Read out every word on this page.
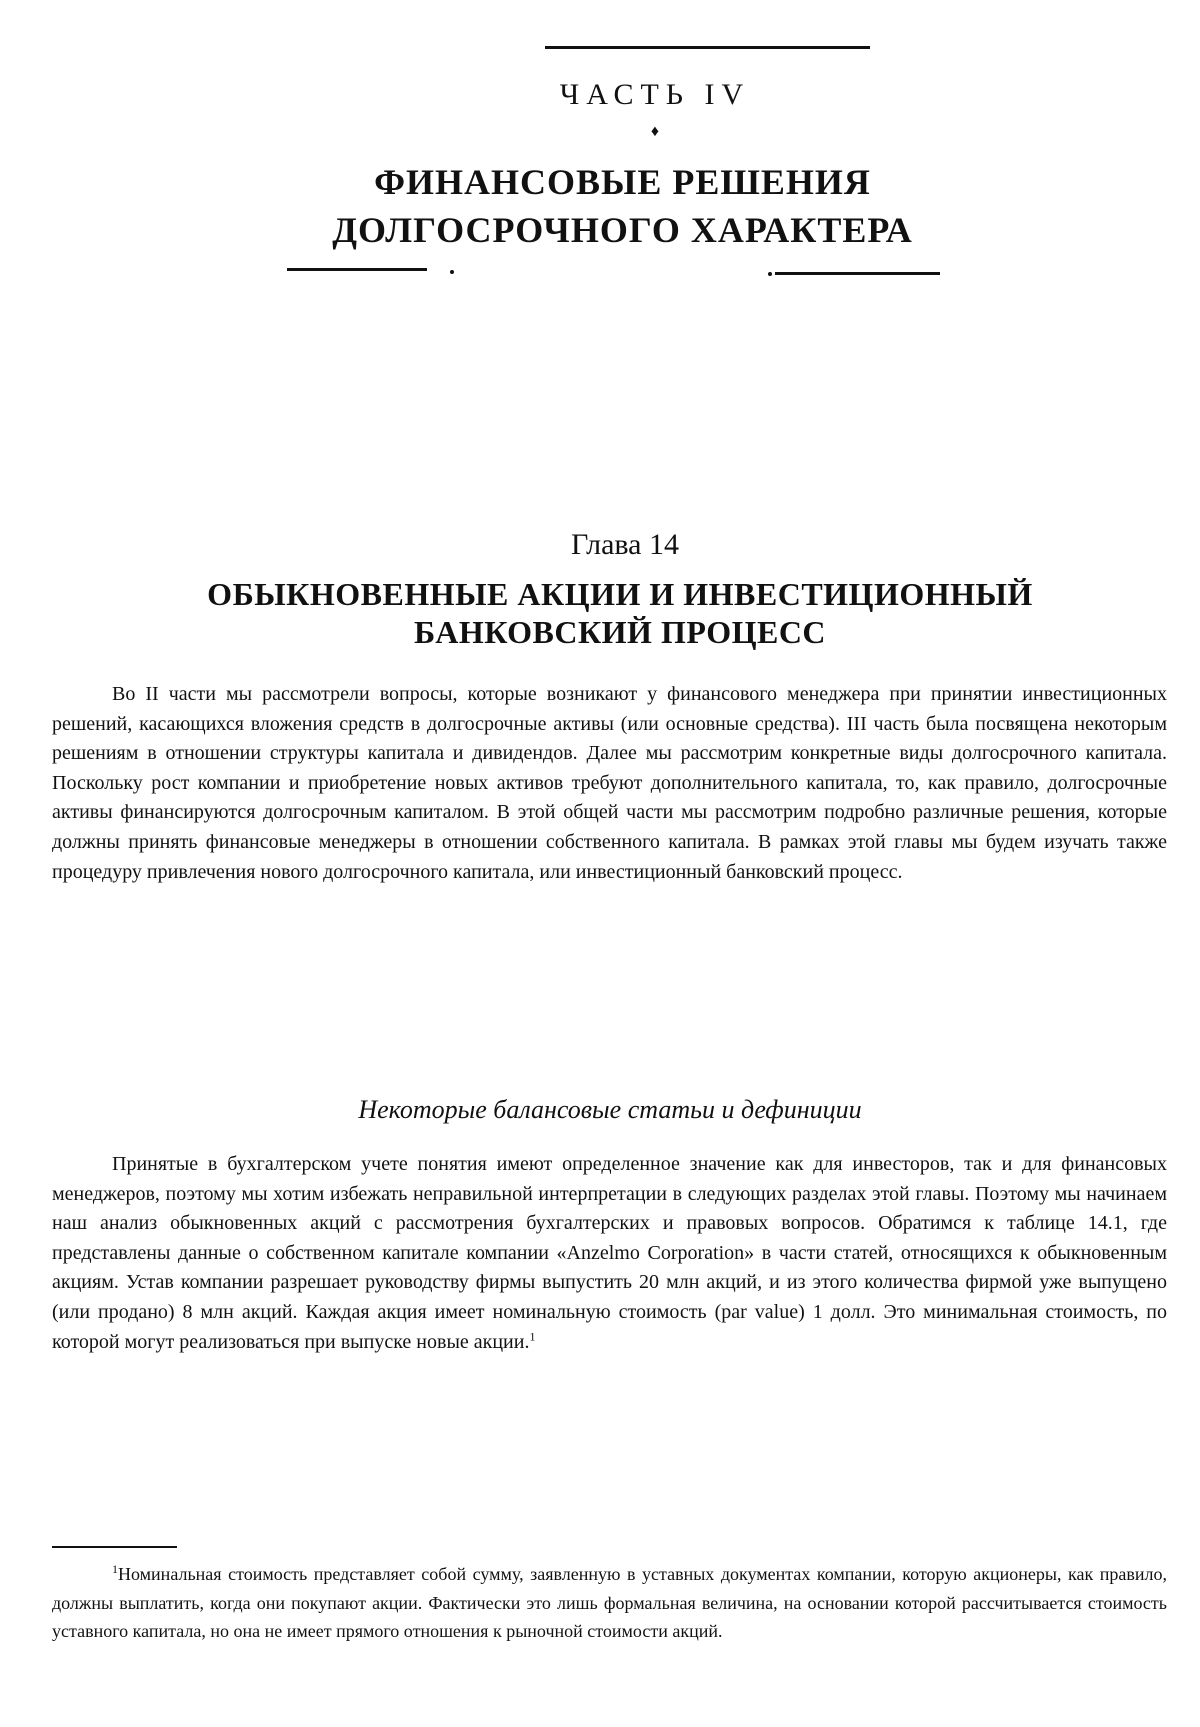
ЧАСТЬ IV
♦
ФИНАНСОВЫЕ РЕШЕНИЯ
ДОЛГОСРОЧНОГО ХАРАКТЕРА
Глава 14
ОБЫКНОВЕННЫЕ АКЦИИ И ИНВЕСТИЦИОННЫЙ
БАНКОВСКИЙ ПРОЦЕСС

Во II части мы рассмотрели вопросы, которые возникают у финансового менеджера при принятии инвестиционных решений, касающихся вложения средств в долгосрочные активы (или основные средства). III часть была посвящена некоторым решениям в отношении структуры капитала и дивидендов. Далее мы рассмотрим конкретные виды долгосрочного капитала. Поскольку рост компании и приобретение новых активов требуют дополнительного капитала, то, как правило, долгосрочные активы финансируются долгосрочным капиталом. В этой общей части мы рассмотрим подробно различные решения, которые должны принять финансовые менеджеры в отношении собственного капитала. В рамках этой главы мы будем изучать также процедуру привлечения нового долгосрочного капитала, или инвестиционный банковский процесс.

Некоторые балансовые статьи и дефиниции

Принятые в бухгалтерском учете понятия имеют определенное значение как для инвесторов, так и для финансовых менеджеров, поэтому мы хотим избежать неправильной интерпретации в следующих разделах этой главы. Поэтому мы начинаем наш анализ обыкновенных акций с рассмотрения бухгалтерских и правовых вопросов. Обратимся к таблице 14.1, где представлены данные о собственном капитале компании «Anzelmo Corporation» в части статей, относящихся к обыкновенным акциям. Устав компании разрешает руководству фирмы выпустить 20 млн акций, и из этого количества фирмой уже выпущено (или продано) 8 млн акций. Каждая акция имеет номинальную стоимость (par value) 1 долл. Это минимальная стоимость, по которой могут реализоваться при выпуске новые акции.$^1$

$^1$Номинальная стоимость представляет собой сумму, заявленную в уставных документах компании, которую акционеры, как правило, должны выплатить, когда они покупают акции. Фактически это лишь формальная величина, на основании которой рассчитывается стоимость уставного капитала, но она не имеет прямого отношения к рыночной стоимости акций.
